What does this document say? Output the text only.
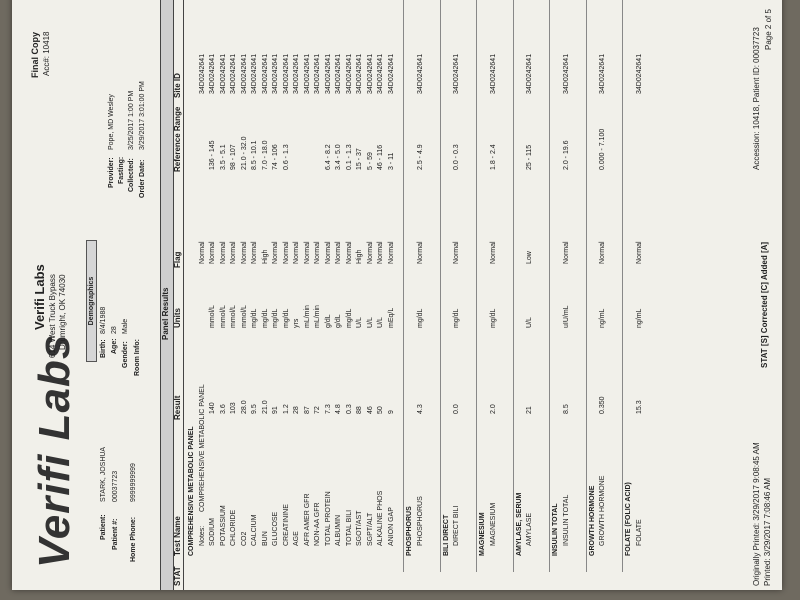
Verifi Labs
Verifi Labs 614 West Truck Bypass Drumright, OK 74030
Final Copy Acc#: 10418
Patient:
STARK, JOSHUA
Patient #:
00037723
Home Phone:
9999999999
Demographics
Birth:
8/4/1988
Age:
28
Gender:
Male
Room Info:
Provider:
Pope, MD Wesley
Fasting: Collected:
3/25/2017 1:00 PM
Order Date:
3/29/2017 3:01:00 PM
Panel Results
STAT
Test Name
Result
Units
Flag
Reference Range
Site ID
COMPREHENSIVE METABOLIC PANEL Notes:
COMPREHENSIVE METABOLIC PANEL
Normal
34D0242641
SODIUM
140
mmol/L
Normal
136 - 145
34D0242641
POTASSIUM
3.6
mmol/L
Normal
3.5 - 5.1
34D0242641
CHLORIDE
103
mmol/L
Normal
98 - 107
34D0242641
CO2
28.0
mmol/L
Normal
21.0 - 32.0
34D0242641
CALCIUM
9.5
mg/dL
Normal
8.5 - 10.1
34D0242641
BUN
21.0
mg/dL
High
7.0 - 18.0
34D0242641
GLUCOSE
91
mg/dL
Normal
74 - 106
34D0242641
CREATININE
1.2
mg/dL
Normal
0.6 - 1.3
34D0242641
AGE
28
yrs
Normal
34D0242641
AFR AMER GFR
87
mL/min
Normal
34D0242641
NON-AA GFR
72
mL/min
Normal
34D0242641
TOTAL PROTEIN
7.3
g/dL
Normal
6.4 - 8.2
34D0242641
ALBUMIN
4.8
g/dL
Normal
3.4 - 5.0
34D0242641
TOTAL BILI
0.3
mg/dL
Normal
0.1 - 1.3
34D0242641
SGOT/AST
88
U/L
High
15 - 37
34D0242641
SGPT/ALT
46
U/L
Normal
5 - 59
34D0242641
ALKALINE PHOS
50
U/L
Normal
46 - 116
34D0242641
ANION GAP
9
mEq/L
Normal
3 - 11
34D0242641
PHOSPHORUS PHOSPHORUS
4.3
mg/dL
Normal
2.5 - 4.9
34D0242641
BILI DIRECT DIRECT BILI
0.0
mg/dL
Normal
0.0 - 0.3
34D0242641
MAGNESIUM MAGNESIUM
2.0
mg/dL
Normal
1.8 - 2.4
34D0242641
AMYLASE, SERUM AMYLASE
21
U/L
Low
25 - 115
34D0242641
INSULIN TOTAL INSULIN TOTAL
8.5
uIU/mL
Normal
2.0 - 19.6
34D0242641
GROWTH HORMONE GROWTH HORMONE
0.350
ng/mL
Normal
0.000 - 7.100
34D0242641
FOLATE (FOLIC ACID) FOLATE
15.3
ng/mL
Normal
34D0242641
Originally Printed: 3/29/2017 9:08:45 AM Printed: 3/29/2017 7:08:46 AM
STAT [S] Corrected [C] Added [A]
Accession: 10418, Patient ID: 00037723 Page 2 of 5
